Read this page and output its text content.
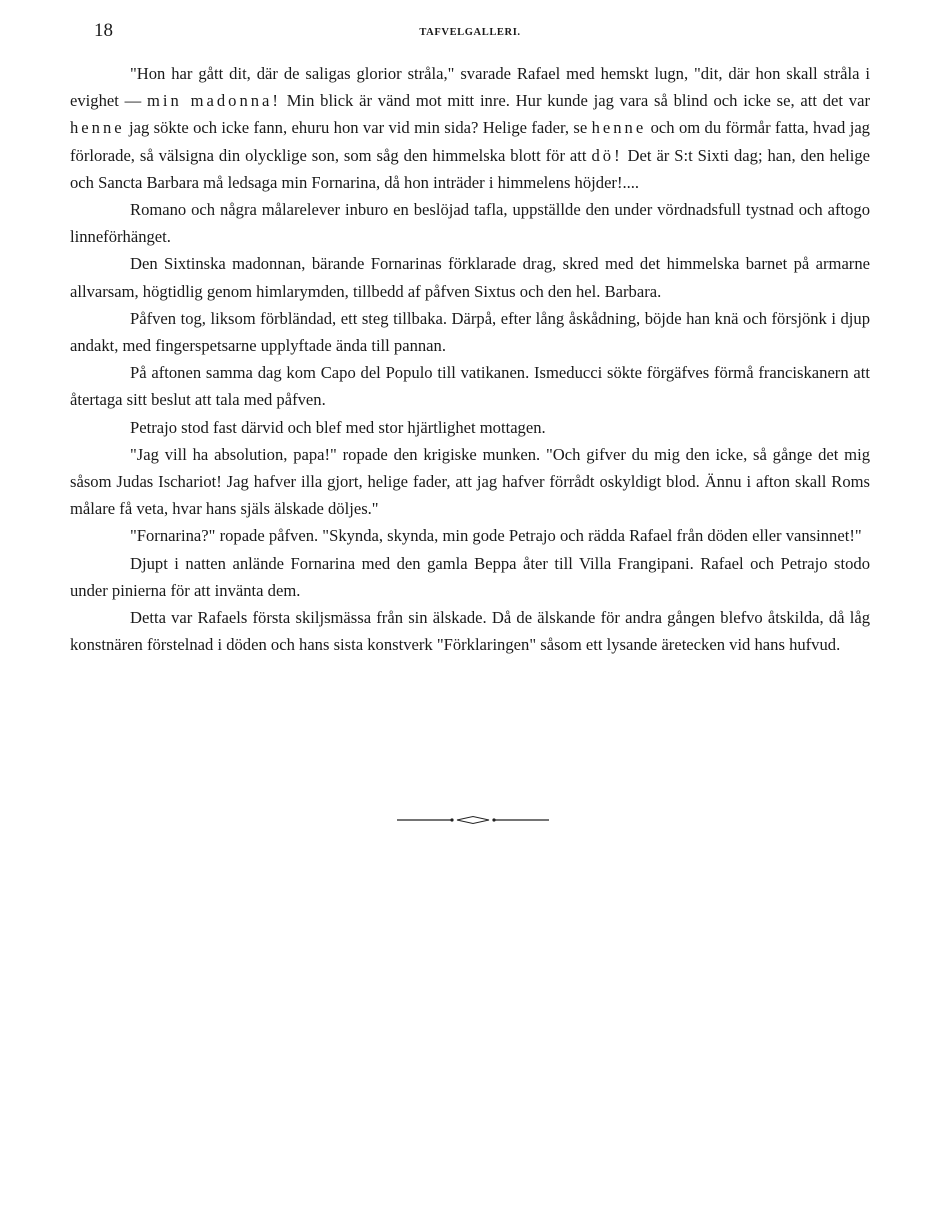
18	TAFVELGALLERI.

"Hon har gått dit, där de saligas glorior stråla," svarade Rafael med hemskt lugn, "dit, där hon skall stråla i evighet — min madonna! Min blick är vänd mot mitt inre. Hur kunde jag vara så blind och icke se, att det var henne jag sökte och icke fann, ehuru hon var vid min sida? Helige fader, se henne och om du förmår fatta, hvad jag förlorade, så välsigna din olycklige son, som såg den himmelska blott för att dö! Det är S:t Sixti dag; han, den helige och Sancta Barbara må ledsaga min Fornarina, då hon inträder i himmelens höjder!....

Romano och några målarelever inburo en beslöjad tafla, uppställde den under vördnadsfull tystnad och aftogo linneförhänget.

Den Sixtinska madonnan, bärande Fornarinas förklarade drag, skred med det himmelska barnet på armarne allvarsam, högtidlig genom himlarymden, tillbedd af påfven Sixtus och den hel. Barbara.

Påfven tog, liksom förbländad, ett steg tillbaka. Därpå, efter lång åskådning, böjde han knä och försjönk i djup andakt, med fingerspetsarne upplyftade ända till pannan.

På aftonen samma dag kom Capo del Populo till vatikanen. Ismeducci sökte förgäfves förmå franciskanern att återtaga sitt beslut att tala med påfven.

Petrajo stod fast därvid och blef med stor hjärtlighet mottagen.

"Jag vill ha absolution, papa!" ropade den krigiske munken. "Och gifver du mig den icke, så gånge det mig såsom Judas Ischariot! Jag hafver illa gjort, helige fader, att jag hafver förrådt oskyldigt blod. Ännu i afton skall Roms målare få veta, hvar hans själs älskade döljes."

"Fornarina?" ropade påfven. "Skynda, skynda, min gode Petrajo och rädda Rafael från döden eller vansinnet!"

Djupt i natten anlände Fornarina med den gamla Beppa åter till Villa Frangipani. Rafael och Petrajo stodo under pinierna för att invänta dem.

Detta var Rafaels första skiljsmässa från sin älskade. Då de älskande för andra gången blefvo åtskilda, då låg konstnären förstelnad i döden och hans sista konstverk "Förklaringen" såsom ett lysande äretecken vid hans hufvud.
